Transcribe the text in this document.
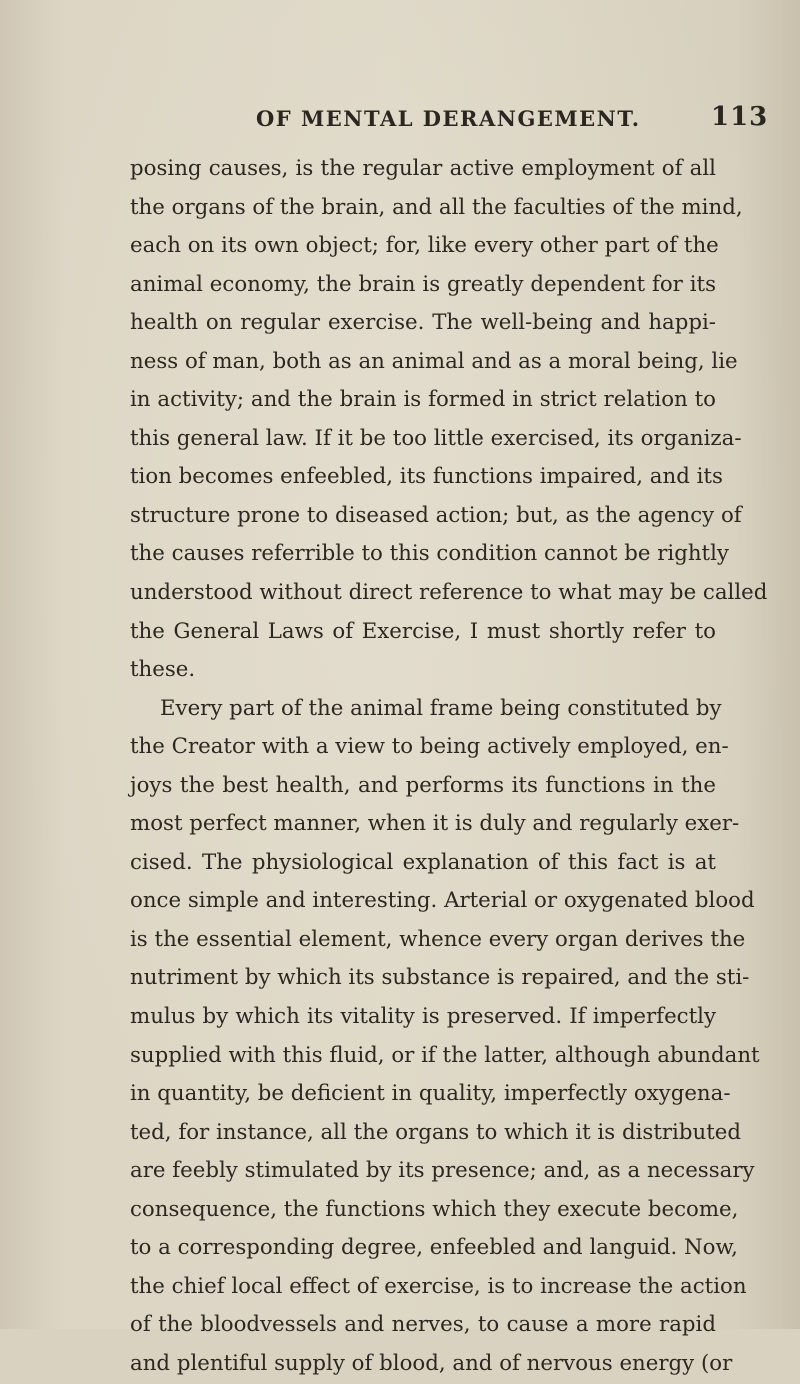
OF MENTAL DERANGEMENT.	113
posing causes, is the regular active employment of all
the organs of the brain, and all the faculties of the mind,
each on its own object; for, like every other part of the
animal economy, the brain is greatly dependent for its
health on regular exercise. The well-being and happi-
ness of man, both as an animal and as a moral being, lie
in activity; and the brain is formed in strict relation to
this general law. If it be too little exercised, its organiza-
tion becomes enfeebled, its functions impaired, and its
structure prone to diseased action; but, as the agency of
the causes referrible to this condition cannot be rightly
understood without direct reference to what may be called
the General Laws of Exercise, I must shortly refer to
these.
Every part of the animal frame being constituted by
the Creator with a view to being actively employed, en-
joys the best health, and performs its functions in the
most perfect manner, when it is duly and regularly exer-
cised. The physiological explanation of this fact is at
once simple and interesting. Arterial or oxygenated blood
is the essential element, whence every organ derives the
nutriment by which its substance is repaired, and the sti-
mulus by which its vitality is preserved. If imperfectly
supplied with this fluid, or if the latter, although abundant
in quantity, be deficient in quality, imperfectly oxygena-
ted, for instance, all the organs to which it is distributed
are feebly stimulated by its presence; and, as a necessary
consequence, the functions which they execute become,
to a corresponding degree, enfeebled and languid. Now,
the chief local effect of exercise, is to increase the action
of the bloodvessels and nerves, to cause a more rapid
and plentiful supply of blood, and of nervous energy (or
